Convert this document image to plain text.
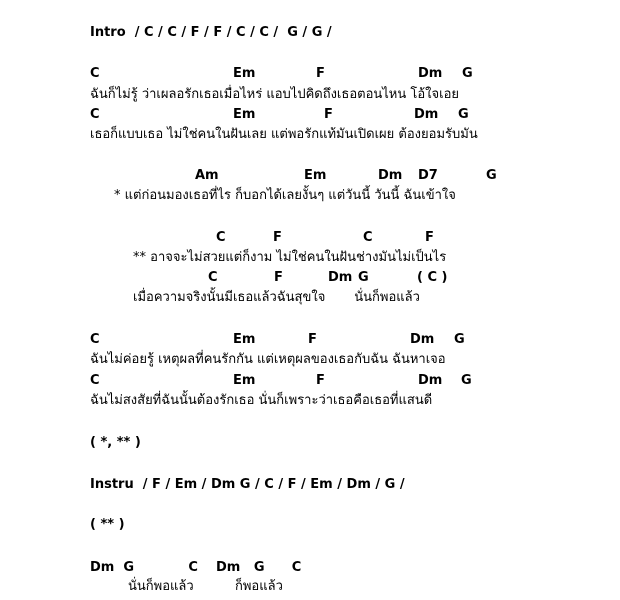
Intro  / C / C / F / F / C / C /  G / G /
C	Em	F	Dm G
ฉันก็ไม่รู้ ว่าเผลอรักเธอเมื่อไหร่ แอบไปคิดถึงเธอตอนไหน โอ้ใจเอย
C	Em	F	Dm G
เธอก็แบบเธอ ไม่ใช่คนในฝันเลย แต่พอรักแท้มันเปิดเผย ต้องยอมรับมัน
Am	Em	Dm D7	G
* แต่ก่อนมองเธอที่ไร ก็บอกได้เลยงั้นๆ แต่วันนี้ วันนี้ ฉันเข้าใจ
C	F	C	F
** อาจจะไม่สวยแต่ก็งาม ไม่ใช่คนในฝันช่างมันไม่เป็นไร
C	F	Dm G	( C )
เมื่อความจริงนั้นมีเธอแล้วฉันสุขใจ       นั่นก็พอแล้ว
C	Em	F	Dm G
ฉันไม่ค่อยรู้ เหตุผลที่คนรักกัน แต่เหตุผลของเธอกับฉัน ฉันหาเจอ
C	Em	F	Dm G
ฉันไม่สงสัยที่ฉันนั้นต้องรักเธอ นั่นก็เพราะว่าเธอคือเธอที่แสนดี
( *, ** )
Instru  / F / Em / Dm G / C / F / Em / Dm / G /
( ** )
Dm  G            C    Dm   G      C
นั่นก็พอแล้ว          ก็พอแล้ว
